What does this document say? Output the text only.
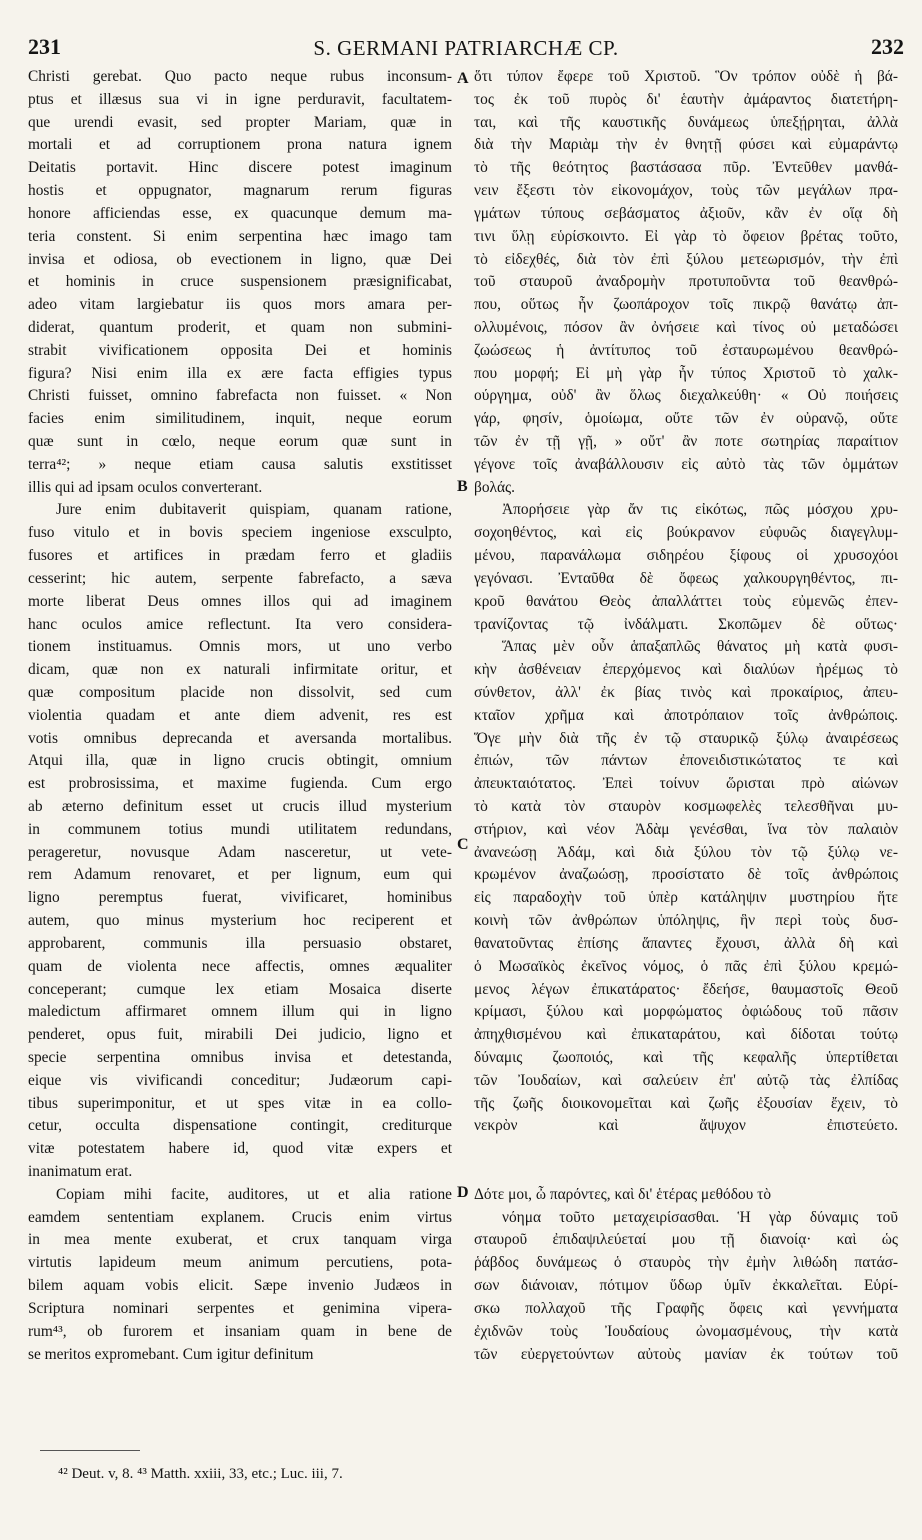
231	S. GERMANI PATRIARCHÆ CP.	232
Christi gerebat. Quo pacto neque rubus inconsum-
ptus et illæsus sua vi in igne perduravit, facultatem-
que urendi evasit, sed propter Mariam, quæ in
mortali et ad corruptionem prona natura ignem
Deitatis portavit. Hinc discere potest imaginum
hostis et oppugnator, magnarum rerum figuras
honore afficiendas esse, ex quacunque demum ma-
teria constent. Si enim serpentina hæc imago tam
invisa et odiosa, ob evectionem in ligno, quæ Dei
et hominis in cruce suspensionem præsignificabat,
adeo vitam largiebatur iis quos mors amara per-
diderat, quantum proderit, et quam non submini-
strabit vivificationem opposita Dei et hominis
figura? Nisi enim illa ex ære facta effigies typus
Christi fuisset, omnino fabrefacta non fuisset. « Non
facies enim similitudinem, inquit, neque eorum
quæ sunt in cœlo, neque eorum quæ sunt in
terra⁴²; » neque etiam causa salutis exstitisset
illis qui ad ipsam oculos converterant.
Jure enim dubitaverit quispiam, quanam ratione,
fuso vitulo et in bovis speciem ingeniose exsculpto,
fusores et artifices in prædam ferro et gladiis
cesserint; hic autem, serpente fabrefacto, a sæva
morte liberat Deus omnes illos qui ad imaginem
hanc oculos amice reflectunt. Ita vero considera-
tionem instituamus. Omnis mors, ut uno verbo
dicam, quæ non ex naturali infirmitate oritur, et
quæ compositum placide non dissolvit, sed cum
violentia quadam et ante diem advenit, res est
votis omnibus deprecanda et aversanda mortalibus.
Atqui illa, quæ in ligno crucis obtingit, omnium
est probrosissima, et maxime fugienda. Cum ergo
ab æterno definitum esset ut crucis illud mysterium
in communem totius mundi utilitatem redundans,
perageretur, novusque Adam nasceretur, ut vete-
rem Adamum renovaret, et per lignum, eum qui
ligno peremptus fuerat, vivificaret, hominibus
autem, quo minus mysterium hoc reciperent et
approbarent, communis illa persuasio obstaret,
quam de violenta nece affectis, omnes æqualiter
conceperant; cumque lex etiam Mosaica diserte
maledictum affirmaret omnem illum qui in ligno
penderet, opus fuit, mirabili Dei judicio, ligno et
specie serpentina omnibus invisa et detestanda,
eique vis vivificandi conceditur; Judæorum capi-
tibus superimponitur, et ut spes vitæ in ea collo-
cetur, occulta dispensatione contingit, crediturque
vitæ potestatem habere id, quod vitæ expers et
inanimatum erat.
Copiam mihi facite, auditores, ut et alia ratione
eamdem sententiam explanem. Crucis enim virtus
in mea mente exuberat, et crux tanquam virga
virtutis lapideum meum animum percutiens, pota-
bilem aquam vobis elicit. Sæpe invenio Judæos in
Scriptura nominari serpentes et genimina vipera-
rum⁴³, ob furorem et insaniam quam in bene de
se meritos expromebant. Cum igitur definitum
A
B
C
D
ὅτι τύπον ἔφερε τοῦ Χριστοῦ. Ὃν τρόπον οὐδὲ ἡ βά-
τος ἐκ τοῦ πυρὸς δι' ἑαυτὴν ἀμάραντος διατετήρη-
ται, καὶ τῆς καυστικῆς δυνάμεως ὑπεξῄρηται, ἀλλὰ
διὰ τὴν Μαριὰμ τὴν ἐν θνητῇ φύσει καὶ εὐμαράντῳ
τὸ τῆς θεότητος βαστάσασα πῦρ. Ἐντεῦθεν μανθά-
νειν ἔξεστι τὸν εἰκονομάχον, τοὺς τῶν μεγάλων πρα-
γμάτων τύπους σεβάσματος ἀξιοῦν, κἂν ἐν οἵᾳ δὴ
τινι ὕλῃ εὑρίσκοιντο. Εἰ γὰρ τὸ ὄφειον βρέτας τοῦτο,
τὸ εἰδεχθές, διὰ τὸν ἐπὶ ξύλου μετεωρισμόν, τὴν ἐπὶ
τοῦ σταυροῦ ἀναδρομὴν προτυποῦντα τοῦ θεανθρώ-
που, οὕτως ἦν ζωοπάροχον τοῖς πικρῷ θανάτῳ ἀπ-
ολλυμένοις, πόσον ἂν ὀνήσειε καὶ τίνος οὐ μεταδώσει
ζωώσεως ἡ ἀντίτυπος τοῦ ἐσταυρωμένου θεανθρώ-
που μορφή; Εἰ μὴ γὰρ ἦν τύπος Χριστοῦ τὸ χαλκ-
ούργημα, οὐδ' ἂν ὅλως διεχαλκεύθη· « Οὐ ποιήσεις
γάρ, φησίν, ὁμοίωμα, οὔτε τῶν ἐν οὐρανῷ, οὔτε
τῶν ἐν τῇ γῇ, » οὔτ' ἂν ποτε σωτηρίας παραίτιον
γέγονε τοῖς ἀναβάλλουσιν εἰς αὐτὸ τὰς τῶν ὀμμάτων
βολάς.
Ἀπορήσειε γὰρ ἄν τις εἰκότως, πῶς μόσχου χρυ-
σοχοηθέντος, καὶ εἰς βούκρανον εὐφυῶς διαγεγλυμ-
μένου, παρανάλωμα σιδηρέου ξίφους οἱ χρυσοχόοι
γεγόνασι. Ἐνταῦθα δὲ ὄφεως χαλκουργηθέντος, πι-
κροῦ θανάτου Θεὸς ἀπαλλάττει τοὺς εὐμενῶς ἐπεν-
τρανίζοντας τῷ ἰνδάλματι. Σκοπῶμεν δὲ οὕτως·
Ἅπας μὲν οὖν ἁπαξαπλῶς θάνατος μὴ κατὰ φυσι-
κὴν ἀσθένειαν ἐπερχόμενος καὶ διαλύων ἠρέμως τὸ
σύνθετον, ἀλλ' ἐκ βίας τινὸς καὶ προκαίριος, ἀπευ-
κταῖον χρῆμα καὶ ἀποτρόπαιον τοῖς ἀνθρώποις.
Ὅγε μὴν διὰ τῆς ἐν τῷ σταυρικῷ ξύλῳ ἀναιρέσεως
ἐπιών, τῶν πάντων ἐπονειδιστικώτατος τε καὶ
ἀπευκταιότατος. Ἐπεὶ τοίνυν ὥρισται πρὸ αἰώνων
τὸ κατὰ τὸν σταυρὸν κοσμωφελὲς τελεσθῆναι μυ-
στήριον, καὶ νέον Ἀδὰμ γενέσθαι, ἵνα τὸν παλαιὸν
ἀνανεώσῃ Ἀδάμ, καὶ διὰ ξύλου τὸν τῷ ξύλῳ νε-
κρωμένον ἀναζωώσῃ, προσίστατο δὲ τοῖς ἀνθρώποις
εἰς παραδοχὴν τοῦ ὑπὲρ κατάληψιν μυστηρίου ἥτε
κοινὴ τῶν ἀνθρώπων ὑπόληψις, ἣν περὶ τοὺς δυσ-
θανατοῦντας ἐπίσης ἅπαντες ἔχουσι, ἀλλὰ δὴ καὶ
ὁ Μωσαϊκὸς ἐκεῖνος νόμος, ὁ πᾶς ἐπὶ ξύλου κρεμώ-
μενος λέγων ἐπικατάρατος· ἔδεήσε, θαυμαστοῖς Θεοῦ
κρίμασι, ξύλου καὶ μορφώματος ὀφιώδους τοῦ πᾶσιν
ἀπηχθισμένου καὶ ἐπικαταράτου, καὶ δίδοται τούτῳ
δύναμις ζωοποιός, καὶ τῆς κεφαλῆς ὑπερτίθεται
τῶν Ἰουδαίων, καὶ σαλεύειν ἐπ' αὐτῷ τὰς ἐλπίδας
τῆς ζωῆς διοικονομεῖται καὶ ζωῆς ἐξουσίαν ἔχειν, τὸ
νεκρὸν καὶ ἄψυχον ἐπιστεύετο.
Δότε μοι, ὦ παρόντες, καὶ δι' ἑτέρας μεθόδου τὸ
νόημα τοῦτο μεταχειρίσασθαι. Ἡ γὰρ δύναμις τοῦ
σταυροῦ ἐπιδαψιλεύεταί μου τῇ διανοίᾳ· καὶ ὡς
ῥάβδος δυνάμεως ὁ σταυρὸς τὴν ἐμὴν λιθώδη πατάσ-
σων διάνοιαν, πότιμον ὕδωρ ὑμῖν ἐκκαλεῖται. Εὑρί-
σκω πολλαχοῦ τῆς Γραφῆς ὄφεις καὶ γεννήματα
ἐχιδνῶν τοὺς Ἰουδαίους ὠνομασμένους, τὴν κατὰ
τῶν εὐεργετούντων αὐτοὺς μανίαν ἐκ τούτων τοῦ
⁴² Deut. v, 8. ⁴³ Matth. xxiii, 33, etc.; Luc. iii, 7.
